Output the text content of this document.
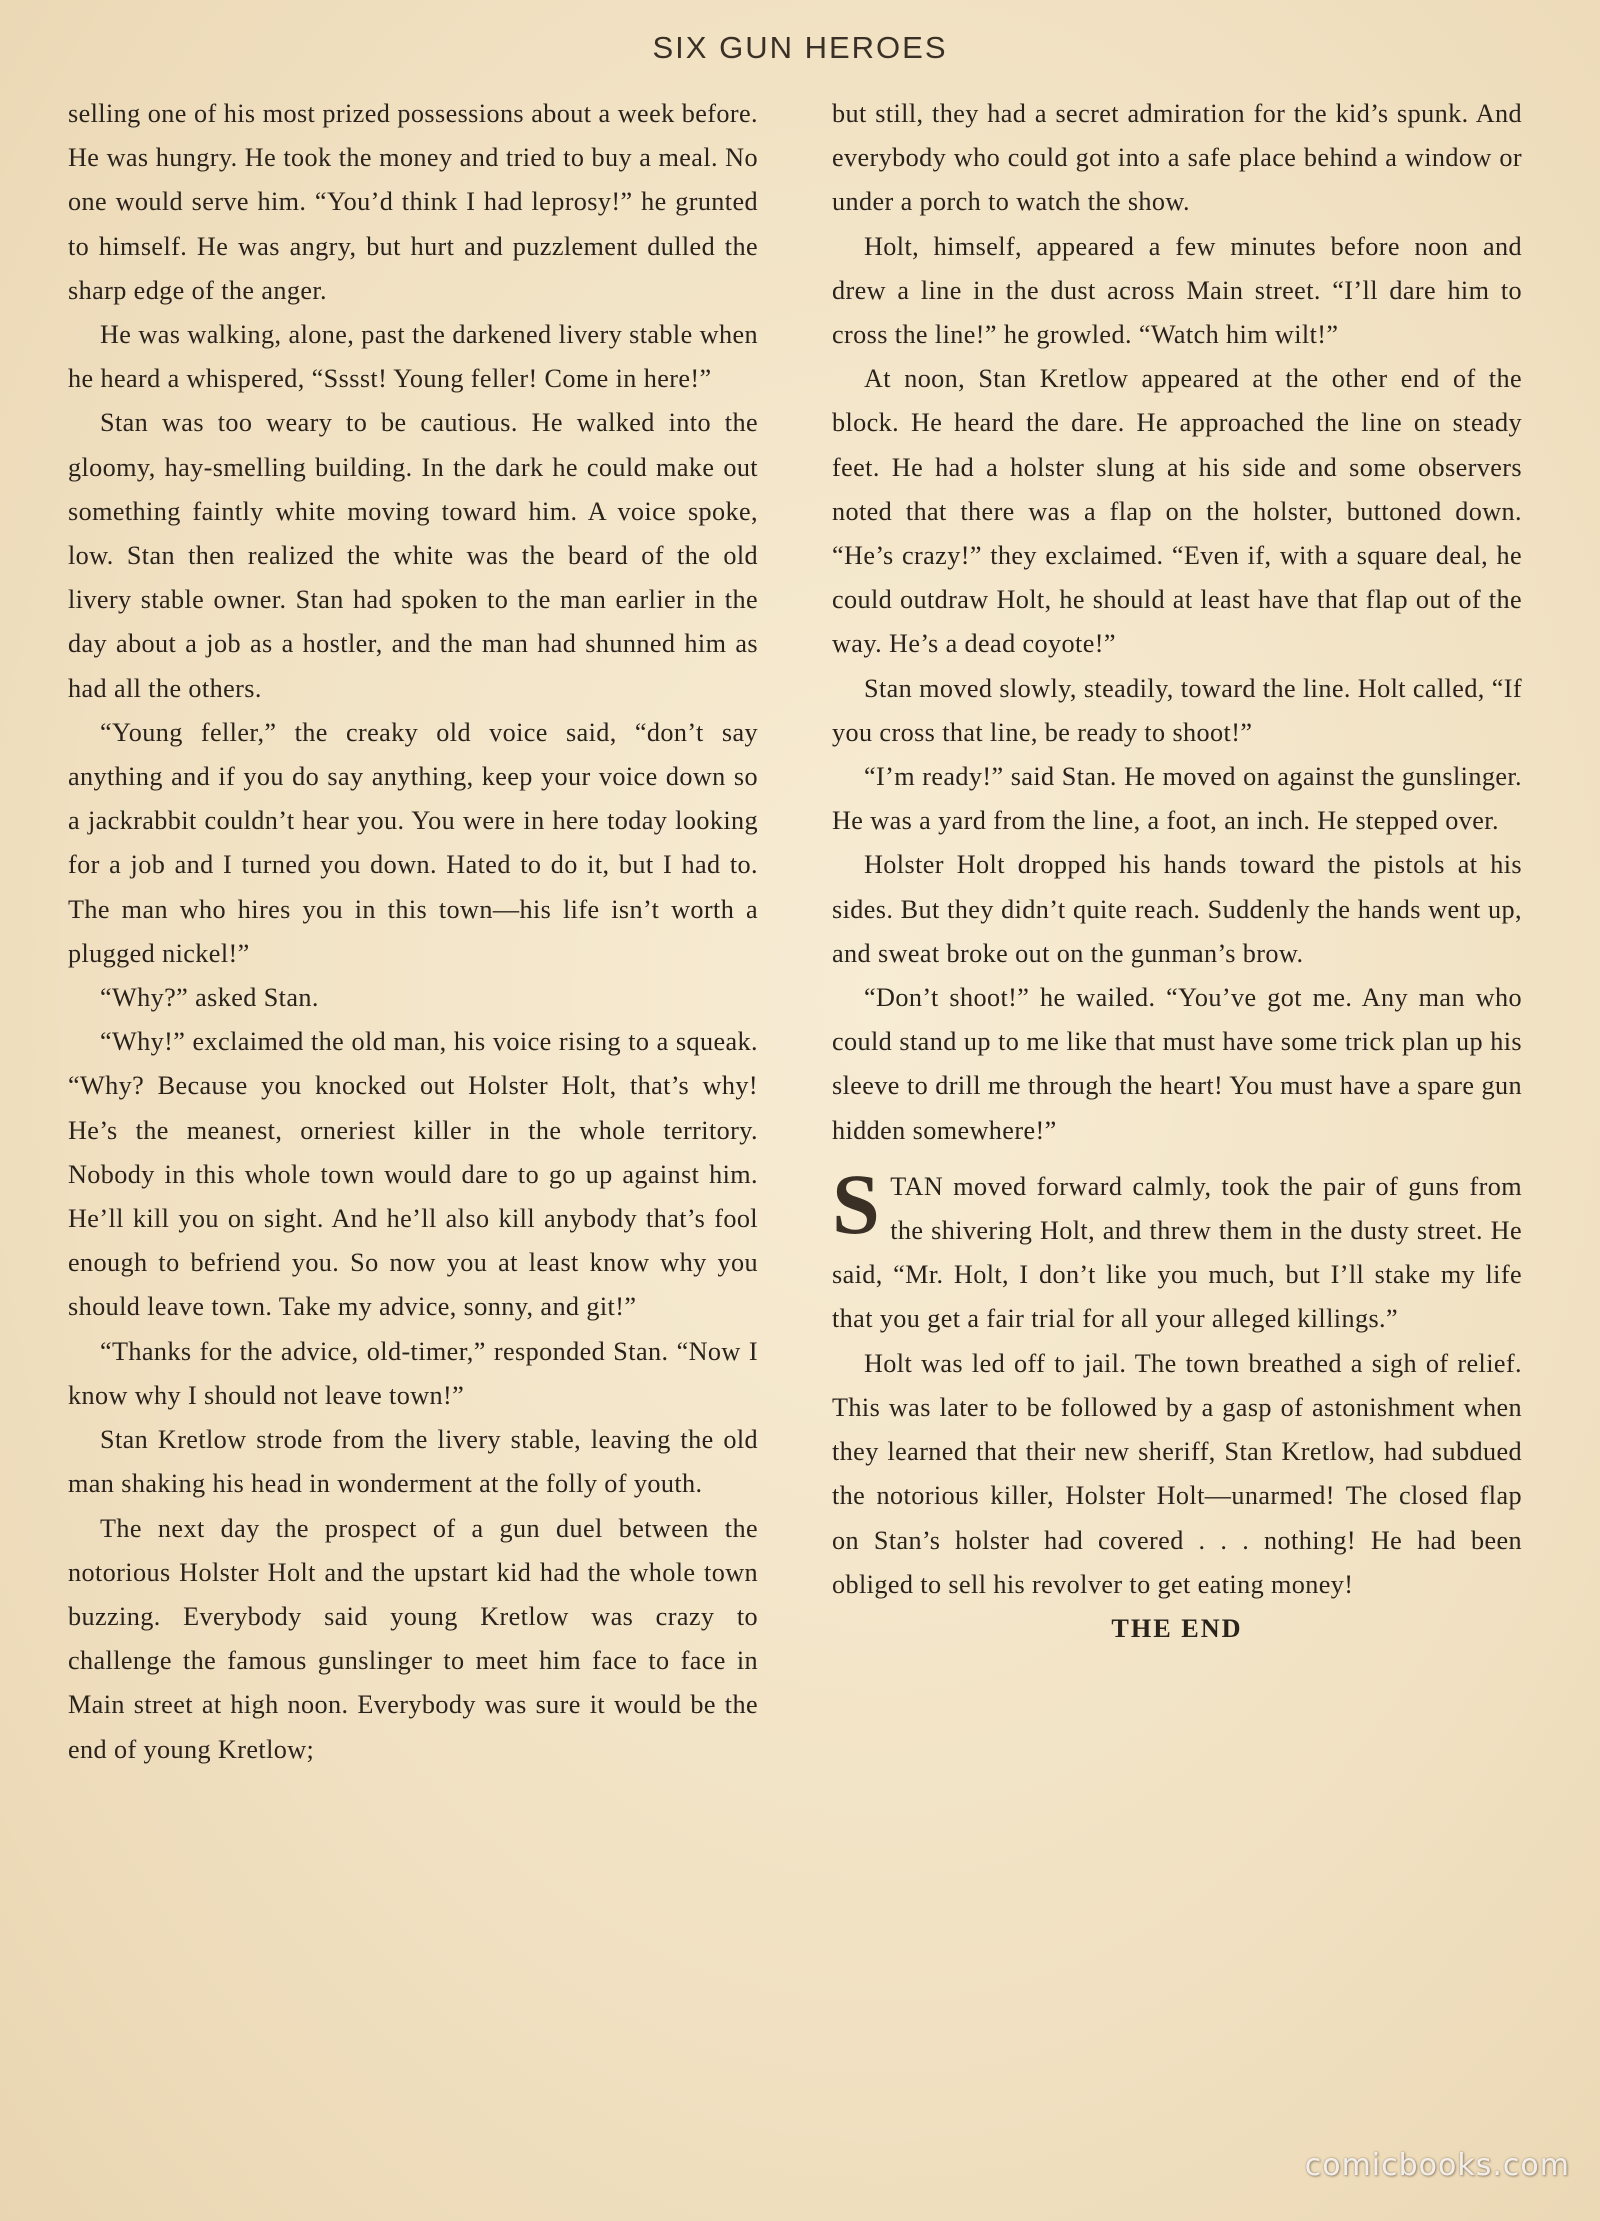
SIX GUN HEROES

selling one of his most prized possessions about a week before. He was hungry. He took the money and tried to buy a meal. No one would serve him. “You’d think I had leprosy!” he grunted to himself. He was angry, but hurt and puzzlement dulled the sharp edge of the anger.

He was walking, alone, past the darkened livery stable when he heard a whispered, “Sssst! Young feller! Come in here!”

Stan was too weary to be cautious. He walked into the gloomy, hay-smelling building. In the dark he could make out something faintly white moving toward him. A voice spoke, low. Stan then realized the white was the beard of the old livery stable owner. Stan had spoken to the man earlier in the day about a job as a hostler, and the man had shunned him as had all the others.

“Young feller,” the creaky old voice said, “don’t say anything and if you do say anything, keep your voice down so a jackrabbit couldn’t hear you. You were in here today looking for a job and I turned you down. Hated to do it, but I had to. The man who hires you in this town—his life isn’t worth a plugged nickel!”

“Why?” asked Stan.

“Why!” exclaimed the old man, his voice rising to a squeak. “Why? Because you knocked out Holster Holt, that’s why! He’s the meanest, orneriest killer in the whole territory. Nobody in this whole town would dare to go up against him. He’ll kill you on sight. And he’ll also kill anybody that’s fool enough to befriend you. So now you at least know why you should leave town. Take my advice, sonny, and git!”

“Thanks for the advice, old-timer,” responded Stan. “Now I know why I should not leave town!”

Stan Kretlow strode from the livery stable, leaving the old man shaking his head in wonderment at the folly of youth.

The next day the prospect of a gun duel between the notorious Holster Holt and the upstart kid had the whole town buzzing. Everybody said young Kretlow was crazy to challenge the famous gunslinger to meet him face to face in Main street at high noon. Everybody was sure it would be the end of young Kretlow;

but still, they had a secret admiration for the kid’s spunk. And everybody who could got into a safe place behind a window or under a porch to watch the show.

Holt, himself, appeared a few minutes before noon and drew a line in the dust across Main street. “I’ll dare him to cross the line!” he growled. “Watch him wilt!”

At noon, Stan Kretlow appeared at the other end of the block. He heard the dare. He approached the line on steady feet. He had a holster slung at his side and some observers noted that there was a flap on the holster, buttoned down. “He’s crazy!” they exclaimed. “Even if, with a square deal, he could outdraw Holt, he should at least have that flap out of the way. He’s a dead coyote!”

Stan moved slowly, steadily, toward the line. Holt called, “If you cross that line, be ready to shoot!”

“I’m ready!” said Stan. He moved on against the gunslinger. He was a yard from the line, a foot, an inch. He stepped over.

Holster Holt dropped his hands toward the pistols at his sides. But they didn’t quite reach. Suddenly the hands went up, and sweat broke out on the gunman’s brow.

“Don’t shoot!” he wailed. “You’ve got me. Any man who could stand up to me like that must have some trick plan up his sleeve to drill me through the heart! You must have a spare gun hidden somewhere!”

STAN moved forward calmly, took the pair of guns from the shivering Holt, and threw them in the dusty street. He said, “Mr. Holt, I don’t like you much, but I’ll stake my life that you get a fair trial for all your alleged killings.”

Holt was led off to jail. The town breathed a sigh of relief. This was later to be followed by a gasp of astonishment when they learned that their new sheriff, Stan Kretlow, had subdued the notorious killer, Holster Holt—unarmed! The closed flap on Stan’s holster had covered . . . nothing! He had been obliged to sell his revolver to get eating money!

THE END

comicbooks.com
